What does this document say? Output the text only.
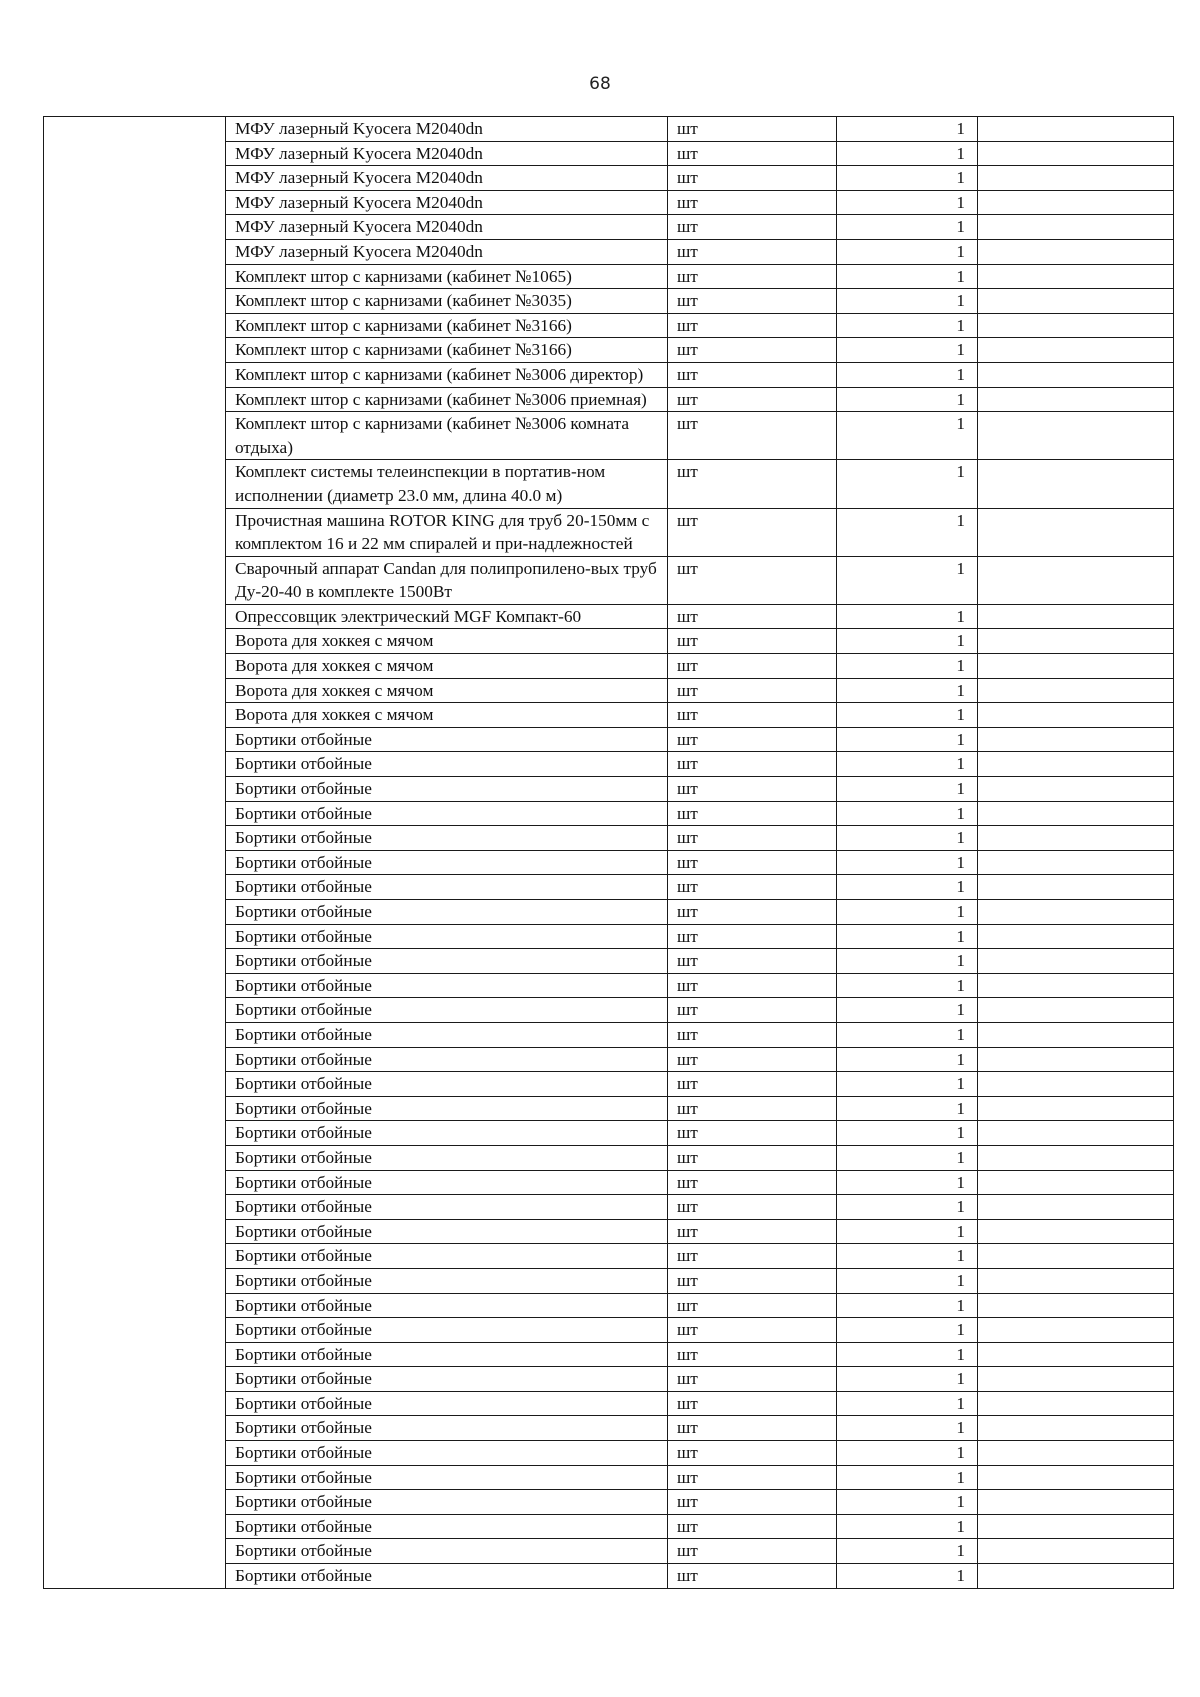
68
	МФУ лазерный Kyocera M2040dn	шт	1	
	МФУ лазерный Kyocera M2040dn	шт	1	
	МФУ лазерный Kyocera M2040dn	шт	1	
	МФУ лазерный Kyocera M2040dn	шт	1	
	МФУ лазерный Kyocera M2040dn	шт	1	
	МФУ лазерный Kyocera M2040dn	шт	1	
	Комплект штор с карнизами (кабинет №1065)	шт	1	
	Комплект штор с карнизами (кабинет №3035)	шт	1	
	Комплект штор с карнизами (кабинет №3166)	шт	1	
	Комплект штор с карнизами (кабинет №3166)	шт	1	
	Комплект штор с карнизами (кабинет №3006 директор)	шт	1	
	Комплект штор с карнизами (кабинет №3006 приемная)	шт	1	
	Комплект штор с карнизами (кабинет №3006 комната отдыха)	шт	1	
	Комплект системы телеинспекции в портатив-ном исполнении (диаметр 23.0 мм, длина 40.0 м)	шт	1	
	Прочистная машина ROTOR KING для труб 20-150мм с комплектом 16 и 22 мм спиралей и при-надлежностей	шт	1	
	Сварочный аппарат Candan для полипропилено-вых труб Ду-20-40 в комплекте 1500Вт	шт	1	
	Опрессовщик электрический MGF Компакт-60	шт	1	
	Ворота для хоккея с мячом	шт	1	
	Ворота для хоккея с мячом	шт	1	
	Ворота для хоккея с мячом	шт	1	
	Ворота для хоккея с мячом	шт	1	
	Бортики отбойные	шт	1	
	Бортики отбойные	шт	1	
	Бортики отбойные	шт	1	
	Бортики отбойные	шт	1	
	Бортики отбойные	шт	1	
	Бортики отбойные	шт	1	
	Бортики отбойные	шт	1	
	Бортики отбойные	шт	1	
	Бортики отбойные	шт	1	
	Бортики отбойные	шт	1	
	Бортики отбойные	шт	1	
	Бортики отбойные	шт	1	
	Бортики отбойные	шт	1	
	Бортики отбойные	шт	1	
	Бортики отбойные	шт	1	
	Бортики отбойные	шт	1	
	Бортики отбойные	шт	1	
	Бортики отбойные	шт	1	
	Бортики отбойные	шт	1	
	Бортики отбойные	шт	1	
	Бортики отбойные	шт	1	
	Бортики отбойные	шт	1	
	Бортики отбойные	шт	1	
	Бортики отбойные	шт	1	
	Бортики отбойные	шт	1	
	Бортики отбойные	шт	1	
	Бортики отбойные	шт	1	
	Бортики отбойные	шт	1	
	Бортики отбойные	шт	1	
	Бортики отбойные	шт	1	
	Бортики отбойные	шт	1	
	Бортики отбойные	шт	1	
	Бортики отбойные	шт	1	
	Бортики отбойные	шт	1	
	Бортики отбойные	шт	1	
